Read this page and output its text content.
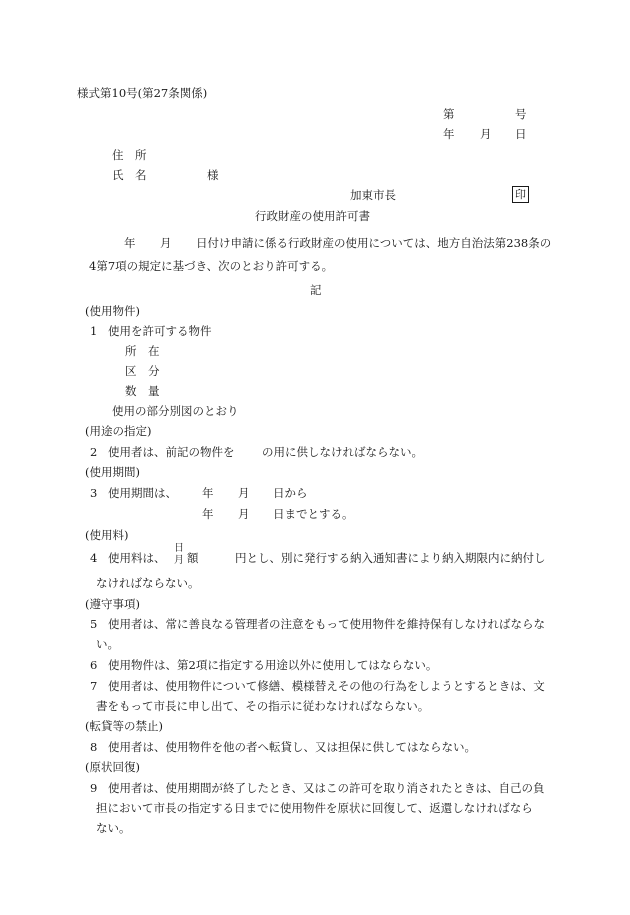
様式第10号(第27条関係)
第	号
年 月 日
住　所
氏　名	様
加東市長	印
行政財産の使用許可書
年 月 日付け申請に係る行政財産の使用については、地方自治法第238条の
4第7項の規定に基づき、次のとおり許可する。
記
(使用物件)
1 使用を許可する物件
所　在
区　分
数　量
使用の部分別図のとおり
(用途の指定)
2 使用者は、前記の物件を の用に供しなければならない。
(使用期間)
3 使用期間は、 年 月 日から
年 月 日までとする。
(使用料)
4 使用料は、
日
月 額	円とし、別に発行する納入通知書により納入期限内に納付し
なければならない。
(遵守事項)
5 使用者は、常に善良なる管理者の注意をもって使用物件を維持保有しなければならな
い。
6 使用物件は、第2項に指定する用途以外に使用してはならない。
7 使用者は、使用物件について修繕、模様替えその他の行為をしようとするときは、文
書をもって市長に申し出て、その指示に従わなければならない。
(転貸等の禁止)
8 使用者は、使用物件を他の者へ転貸し、又は担保に供してはならない。
(原状回復)
9 使用者は、使用期間が終了したとき、又はこの許可を取り消されたときは、自己の負
担において市長の指定する日までに使用物件を原状に回復して、返還しなければなら
ない。
